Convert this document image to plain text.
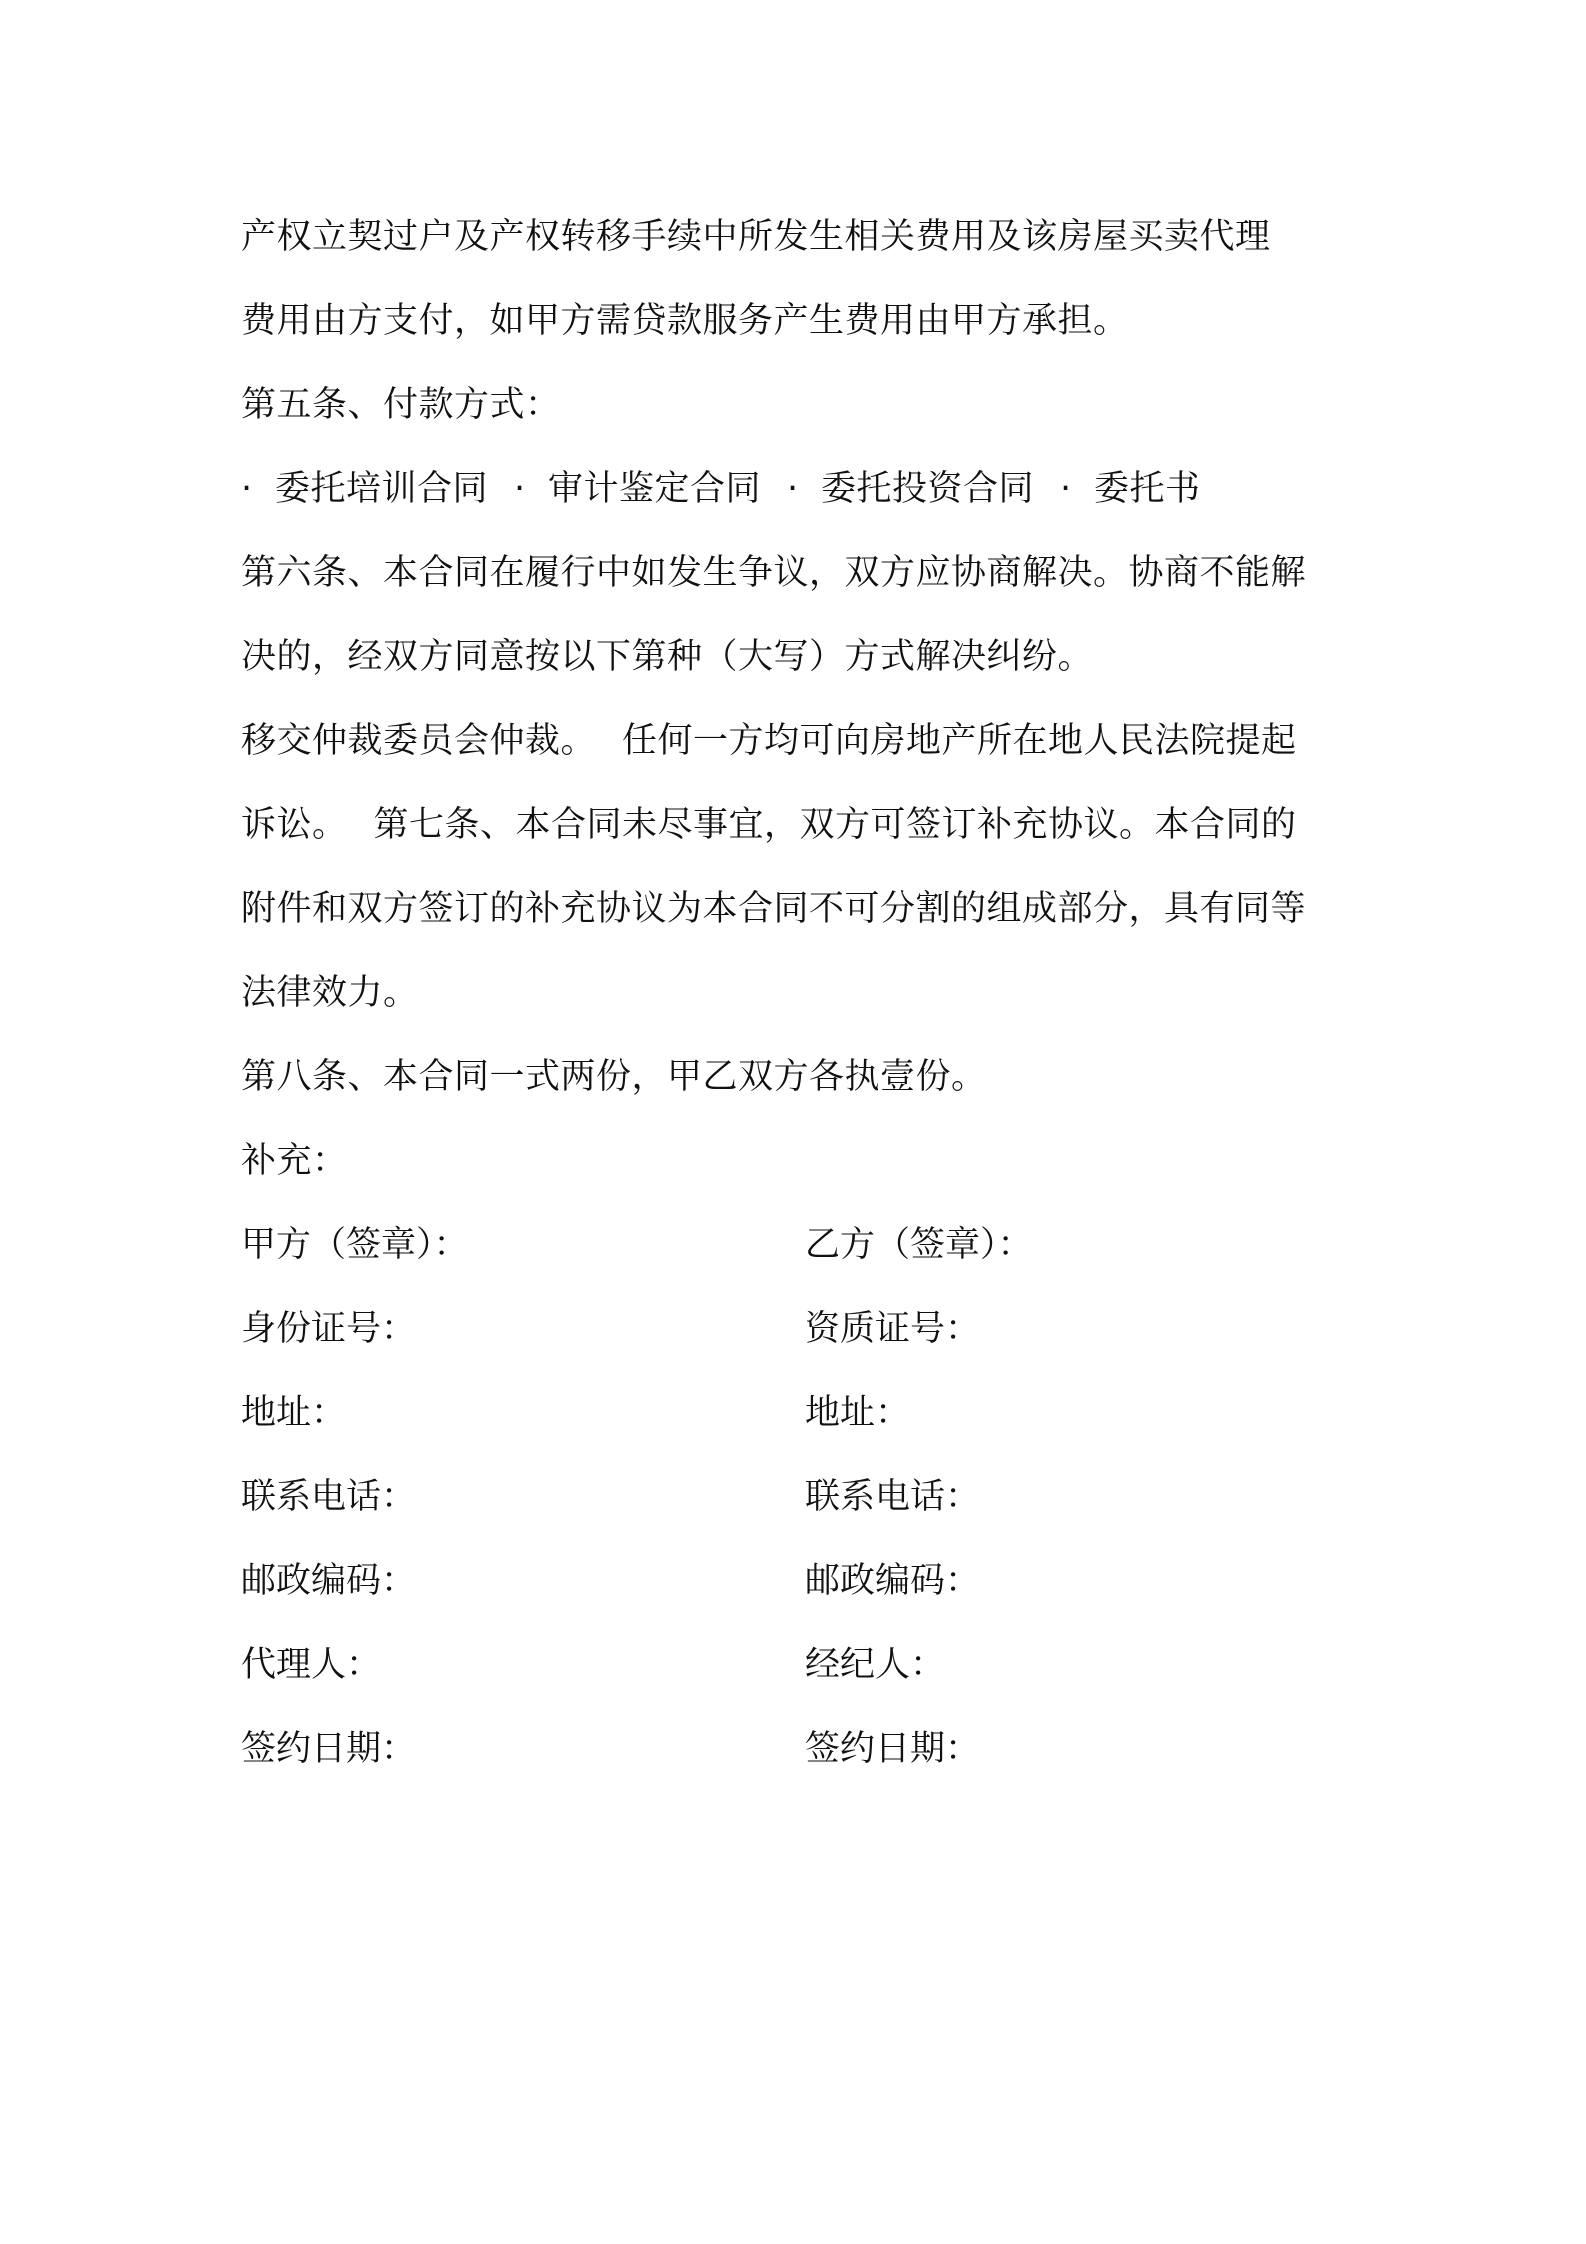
产权立契过户及产权转移手续中所发生相关费用及该房屋买卖代理
费用由方支付，如甲方需贷款服务产生费用由甲方承担。
第五条、付款方式：
· 委托培训合同 · 审计鉴定合同 · 委托投资合同 · 委托书
第六条、本合同在履行中如发生争议，双方应协商解决。协商不能解
决的，经双方同意按以下第种（大写）方式解决纠纷。
移交仲裁委员会仲裁。 任何一方均可向房地产所在地人民法院提起
诉讼。 第七条、本合同未尽事宜，双方可签订补充协议。本合同的
附件和双方签订的补充协议为本合同不可分割的组成部分，具有同等
法律效力。
第八条、本合同一式两份，甲乙双方各执壹份。
补充：
甲方（签章）：	乙方（签章）：
身份证号：	资质证号：
地址：	地址：
联系电话：	联系电话：
邮政编码：	邮政编码：
代理人：	经纪人：
签约日期：	签约日期：
